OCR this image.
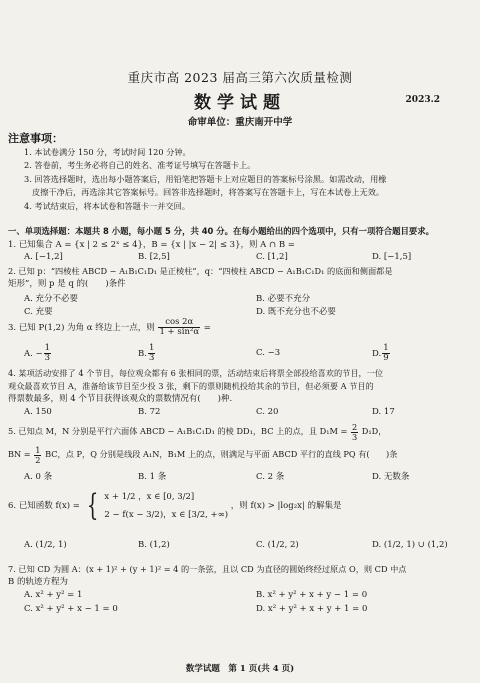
重庆市高 2023 届高三第六次质量检测
数学试题	2023.2
命审单位：重庆南开中学
注意事项：
1. 本试卷满分 150 分，考试时间 120 分钟。
2. 答卷前，考生务必将自己的姓名、准考证号填写在答题卡上。
3. 回答选择题时，选出每小题答案后，用铅笔把答题卡上对应题目的答案标号涂黑。如需改动，用橡
皮擦干净后，再选涂其它答案标号。回答非选择题时，将答案写在答题卡上，写在本试卷上无效。
4. 考试结束后，将本试卷和答题卡一并交回。
一、单项选择题：本题共 8 小题，每小题 5 分，共 40 分。在每小题给出的四个选项中，只有一项符合题目要求。
1. 已知集合 A = {x | 2 ≤ 2ˣ ≤ 4}，B = {x | |x − 2| ≤ 3}，则 A ∩ B =
A. [−1,2]	B. [2,5]	C. [1,2]	D. [−1,5]
2. 已知 p：“四棱柱 ABCD − A₁B₁C₁D₁ 是正棱柱”，q：“四棱柱 ABCD − A₁B₁C₁D₁ 的底面和侧面都是
矩形”，则 p 是 q 的(　　)条件
A. 充分不必要	B. 必要不充分
C. 充要	D. 既不充分也不必要
3. 已知 P(1,2) 为角 α 终边上一点，则 $\frac{\cos 2\alpha}{\text{1 + sin²α}}$ =
A. − $\frac{1}{3}$	B. $\frac{1}{3}$	C. −3	D. $\frac{1}{9}$
4. 某项活动安排了 4 个节目，每位观众都有 6 张相同的票，活动结束后将票全部投给喜欢的节目，一位
观众最喜欢节目 A，准备给该节目至少投 3 张，剩下的票则随机投给其余的节目，但必须要 A 节目的
得票数最多，则 4 个节目获得该观众的票数情况有(　　)种.
A. 150	B. 72	C. 20	D. 17
5. 已知点 M，N 分别是平行六面体 ABCD − A₁B₁C₁D₁ 的棱 DD₁，BC 上的点，且 $D_1M = \frac{2}{3} D_1D$，
BN = $\frac{1}{2}$ BC，点 P，Q 分别是线段 A₁N，B₁M 上的点，则满足与平面 ABCD 平行的直线 PQ 有(　　)条
A. 0 条	B. 1 条	C. 2 条	D. 无数条
6. 已知函数 f(x) = { x + 1/2 ，x ∈ [0, 3/2]
2 − f(x − 3/2)，x ∈ [3/2, +∞)
，则 f(x) > |log₂x| 的解集是
A. (1/2, 1)	B. (1,2)	C. (1/2, 2)	D. (1/2, 1) ∪ (1,2)
7. 已知 CD 为圆 A：(x + 1)² + (y + 1)² = 4 的一条弦，且以 CD 为直径的圆始终经过原点 O，则 CD 中点
B 的轨迹方程为
A. x² + y² = 1	B. x² + y² + x + y − 1 = 0
C. x² + y² + x − 1 = 0	D. x² + y² + x + y + 1 = 0
数学试题　第 1 页(共 4 页)
